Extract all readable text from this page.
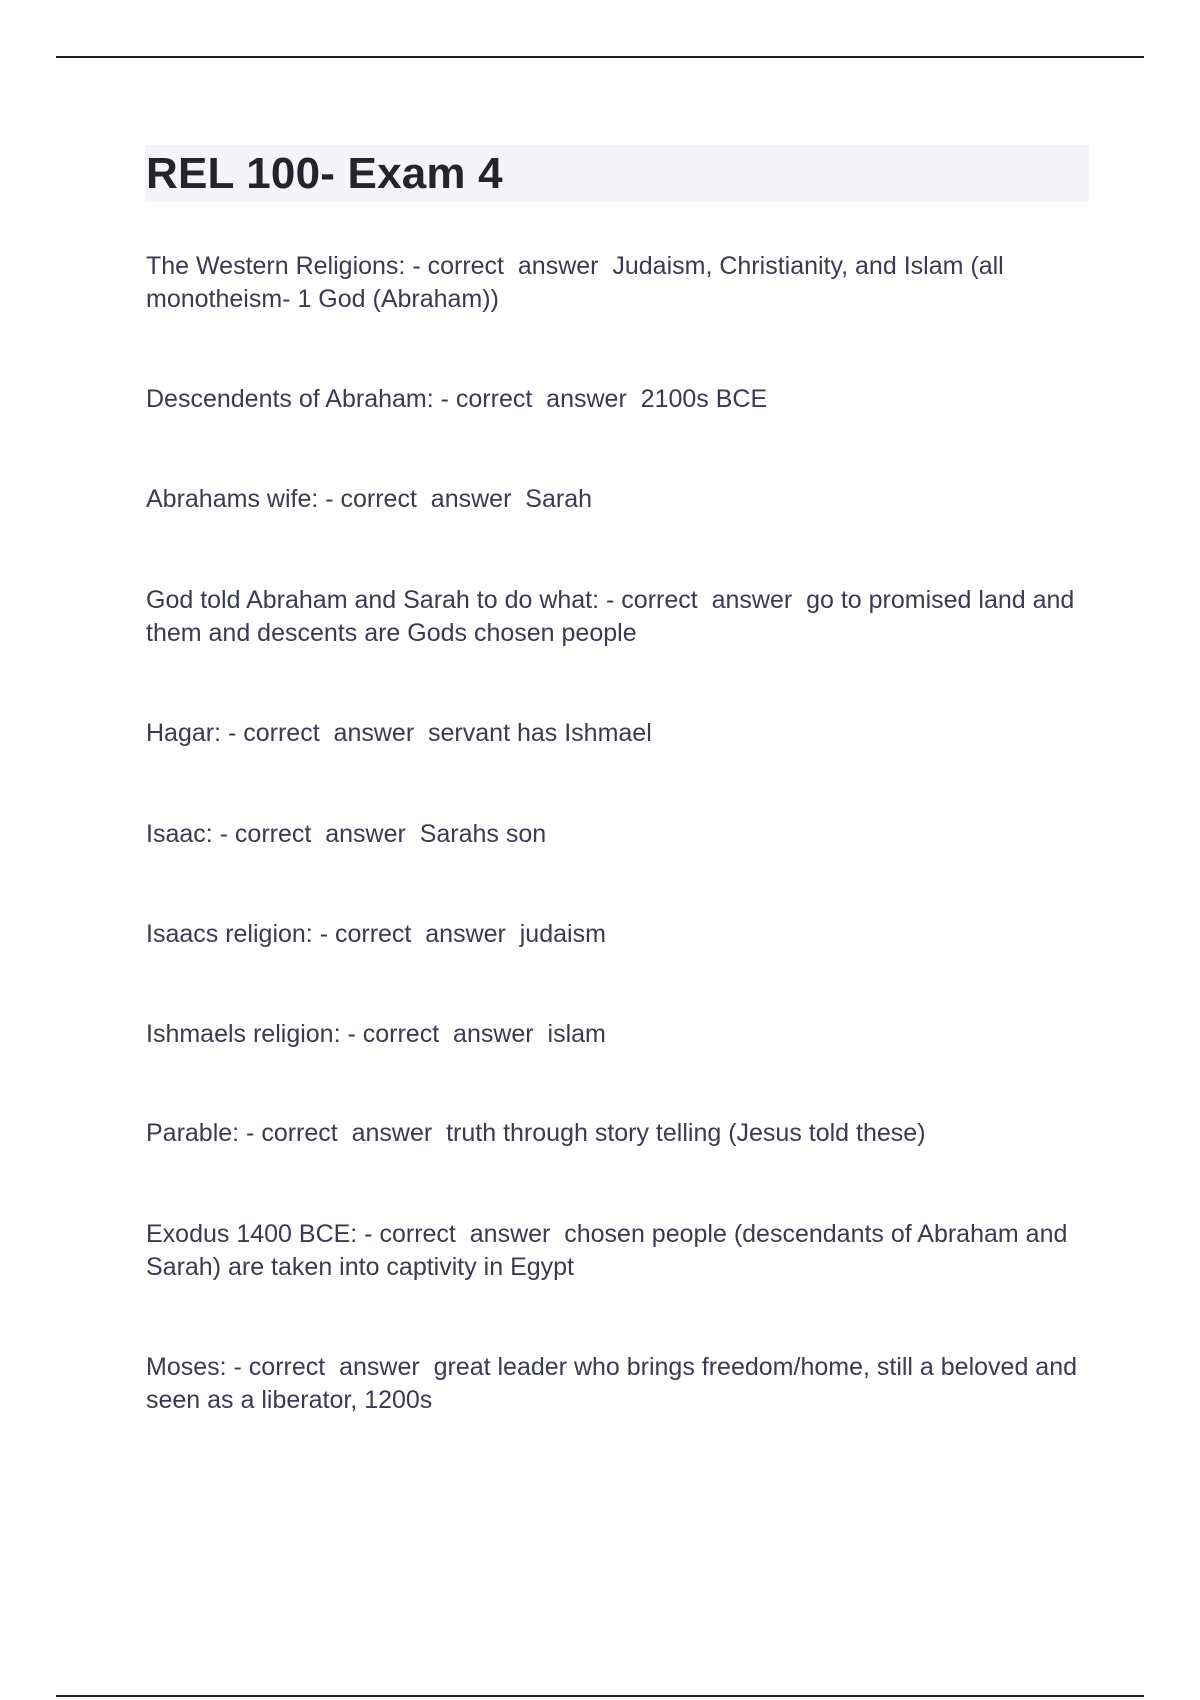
REL 100- Exam 4

The Western Religions: - correct  answer  Judaism, Christianity, and Islam (all monotheism- 1 God (Abraham))

Descendents of Abraham: - correct  answer  2100s BCE

Abrahams wife: - correct  answer  Sarah

God told Abraham and Sarah to do what: - correct  answer  go to promised land and them and descents are Gods chosen people

Hagar: - correct  answer  servant has Ishmael

Isaac: - correct  answer  Sarahs son

Isaacs religion: - correct  answer  judaism

Ishmaels religion: - correct  answer  islam

Parable: - correct  answer  truth through story telling (Jesus told these)

Exodus 1400 BCE: - correct  answer  chosen people (descendants of Abraham and Sarah) are taken into captivity in Egypt

Moses: - correct  answer  great leader who brings freedom/home, still a beloved and seen as a liberator, 1200s
